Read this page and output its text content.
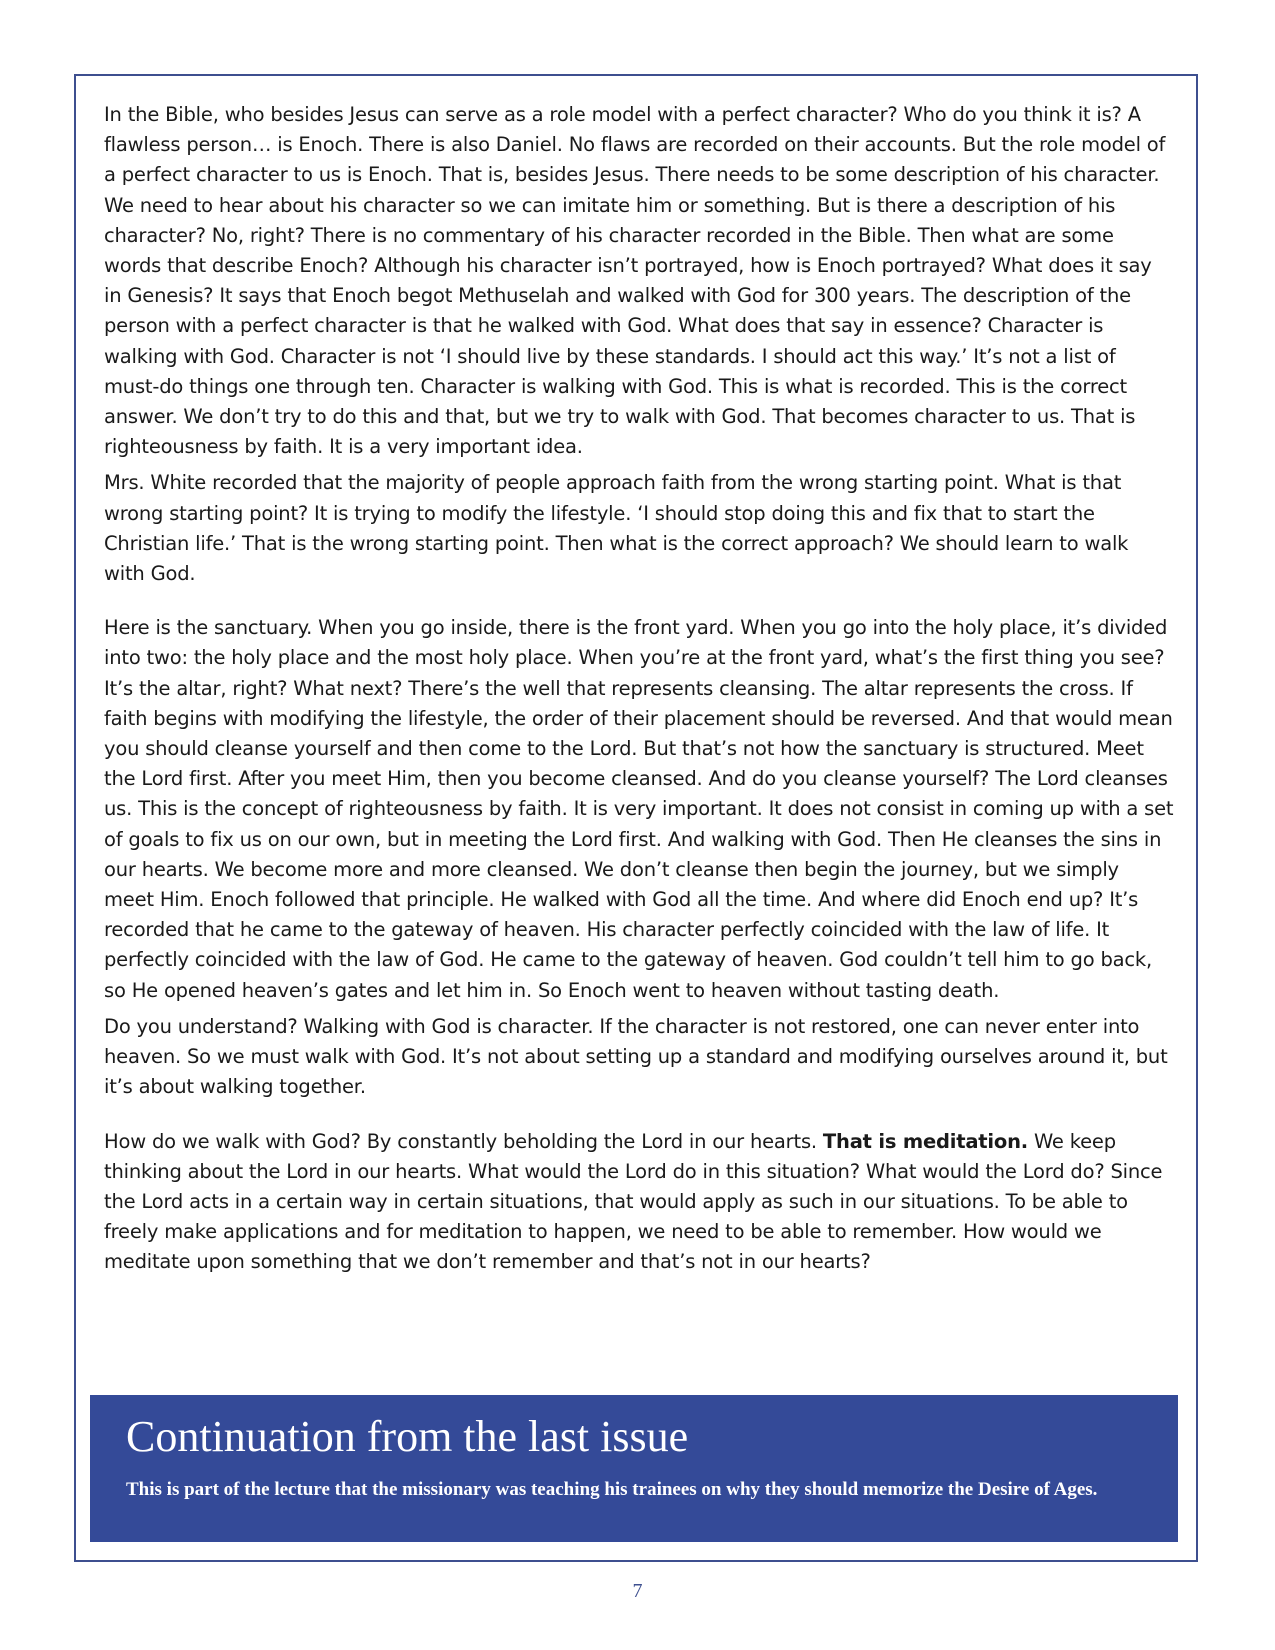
In the Bible, who besides Jesus can serve as a role model with a perfect character? Who do you think it is? A flawless person… is Enoch. There is also Daniel. No flaws are recorded on their accounts. But the role model of a perfect character to us is Enoch. That is, besides Jesus. There needs to be some description of his character. We need to hear about his character so we can imitate him or something. But is there a description of his character? No, right? There is no commentary of his character recorded in the Bible. Then what are some words that describe Enoch? Although his character isn’t portrayed, how is Enoch portrayed? What does it say in Genesis? It says that Enoch begot Methuselah and walked with God for 300 years. The description of the person with a perfect character is that he walked with God. What does that say in essence? Character is walking with God. Character is not ‘I should live by these standards. I should act this way.’ It’s not a list of must-do things one through ten. Character is walking with God. This is what is recorded. This is the correct answer. We don’t try to do this and that, but we try to walk with God. That becomes character to us. That is righteousness by faith. It is a very important idea.

Mrs. White recorded that the majority of people approach faith from the wrong starting point. What is that wrong starting point? It is trying to modify the lifestyle. ‘I should stop doing this and fix that to start the Christian life.’ That is the wrong starting point. Then what is the correct approach? We should learn to walk with God.

Here is the sanctuary. When you go inside, there is the front yard. When you go into the holy place, it’s divided into two: the holy place and the most holy place. When you’re at the front yard, what’s the first thing you see? It’s the altar, right? What next? There’s the well that represents cleansing. The altar represents the cross. If faith begins with modifying the lifestyle, the order of their placement should be reversed. And that would mean you should cleanse yourself and then come to the Lord. But that’s not how the sanctuary is structured. Meet the Lord first. After you meet Him, then you become cleansed. And do you cleanse yourself? The Lord cleanses us. This is the concept of righteousness by faith. It is very important. It does not consist in coming up with a set of goals to fix us on our own, but in meeting the Lord first. And walking with God. Then He cleanses the sins in our hearts. We become more and more cleansed. We don’t cleanse then begin the journey, but we simply meet Him. Enoch followed that principle. He walked with God all the time. And where did Enoch end up? It’s recorded that he came to the gateway of heaven. His character perfectly coincided with the law of life. It perfectly coincided with the law of God. He came to the gateway of heaven. God couldn’t tell him to go back, so He opened heaven’s gates and let him in. So Enoch went to heaven without tasting death.

Do you understand? Walking with God is character. If the character is not restored, one can never enter into heaven. So we must walk with God. It’s not about setting up a standard and modifying ourselves around it, but it’s about walking together.

How do we walk with God? By constantly beholding the Lord in our hearts. That is meditation. We keep thinking about the Lord in our hearts. What would the Lord do in this situation? What would the Lord do? Since the Lord acts in a certain way in certain situations, that would apply as such in our situations. To be able to freely make applications and for meditation to happen, we need to be able to remember. How would we meditate upon something that we don’t remember and that’s not in our hearts?

Continuation from the last issue
This is part of the lecture that the missionary was teaching his trainees on why they should memorize the Desire of Ages.
7
